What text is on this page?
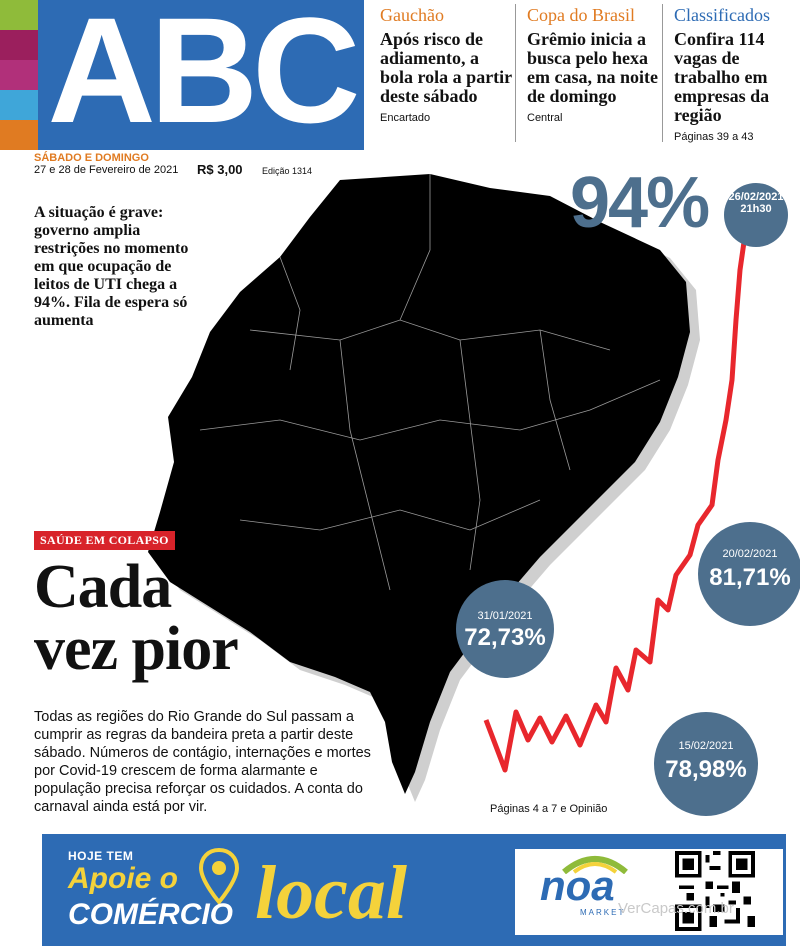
ABC	Gauchão
Após risco de adiamento, a bola rola a partir deste sábado
Encartado
Copa do Brasil
Grêmio inicia a busca pelo hexa em casa, na noite de domingo
Central
Classificados
Confira 114 vagas de trabalho em empresas da região
Páginas 39 a 43
SÁBADO E DOMINGO
27 e 28 de Fevereiro de 2021 R$ 3,00 Edição 1314
A situação é grave: governo amplia restrições no momento em que ocupação de leitos de UTI chega a 94%. Fila de espera só aumenta
94%	26/02/2021
21h30
20/02/2021
81,71%
31/01/2021
72,73%
15/02/2021
78,98%
SAÚDE EM COLAPSO
Cada
vez pior
Todas as regiões do Rio Grande do Sul passam a cumprir as regras da bandeira preta a partir deste sábado. Números de contágio, internações e mortes por Covid-19 crescem de forma alarmante e população precisa reforçar os cuidados. A conta do carnaval ainda está por vir.	Páginas 4 a 7 e Opinião
HOJE TEM
Apoie o
COMÉRCIO local	noa
MARKET
VerCapas.com.br
